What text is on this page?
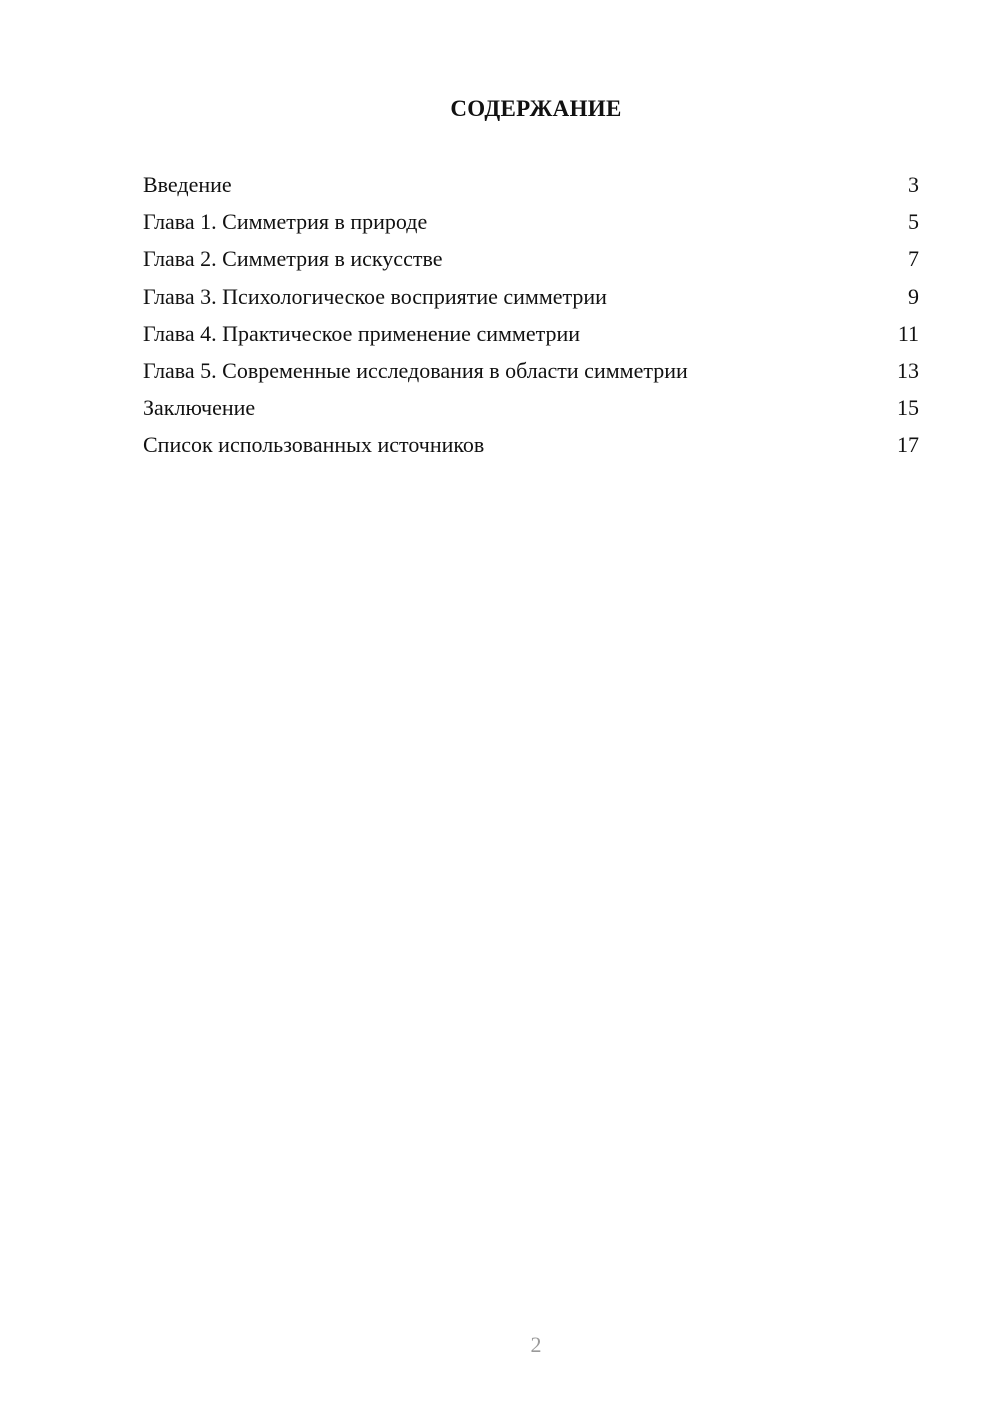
СОДЕРЖАНИЕ
Введение	3
Глава 1. Симметрия в природе	5
Глава 2. Симметрия в искусстве	7
Глава 3. Психологическое восприятие симметрии	9
Глава 4. Практическое применение симметрии	11
Глава 5. Современные исследования в области симметрии	13
Заключение	15
Список использованных источников	17
2
